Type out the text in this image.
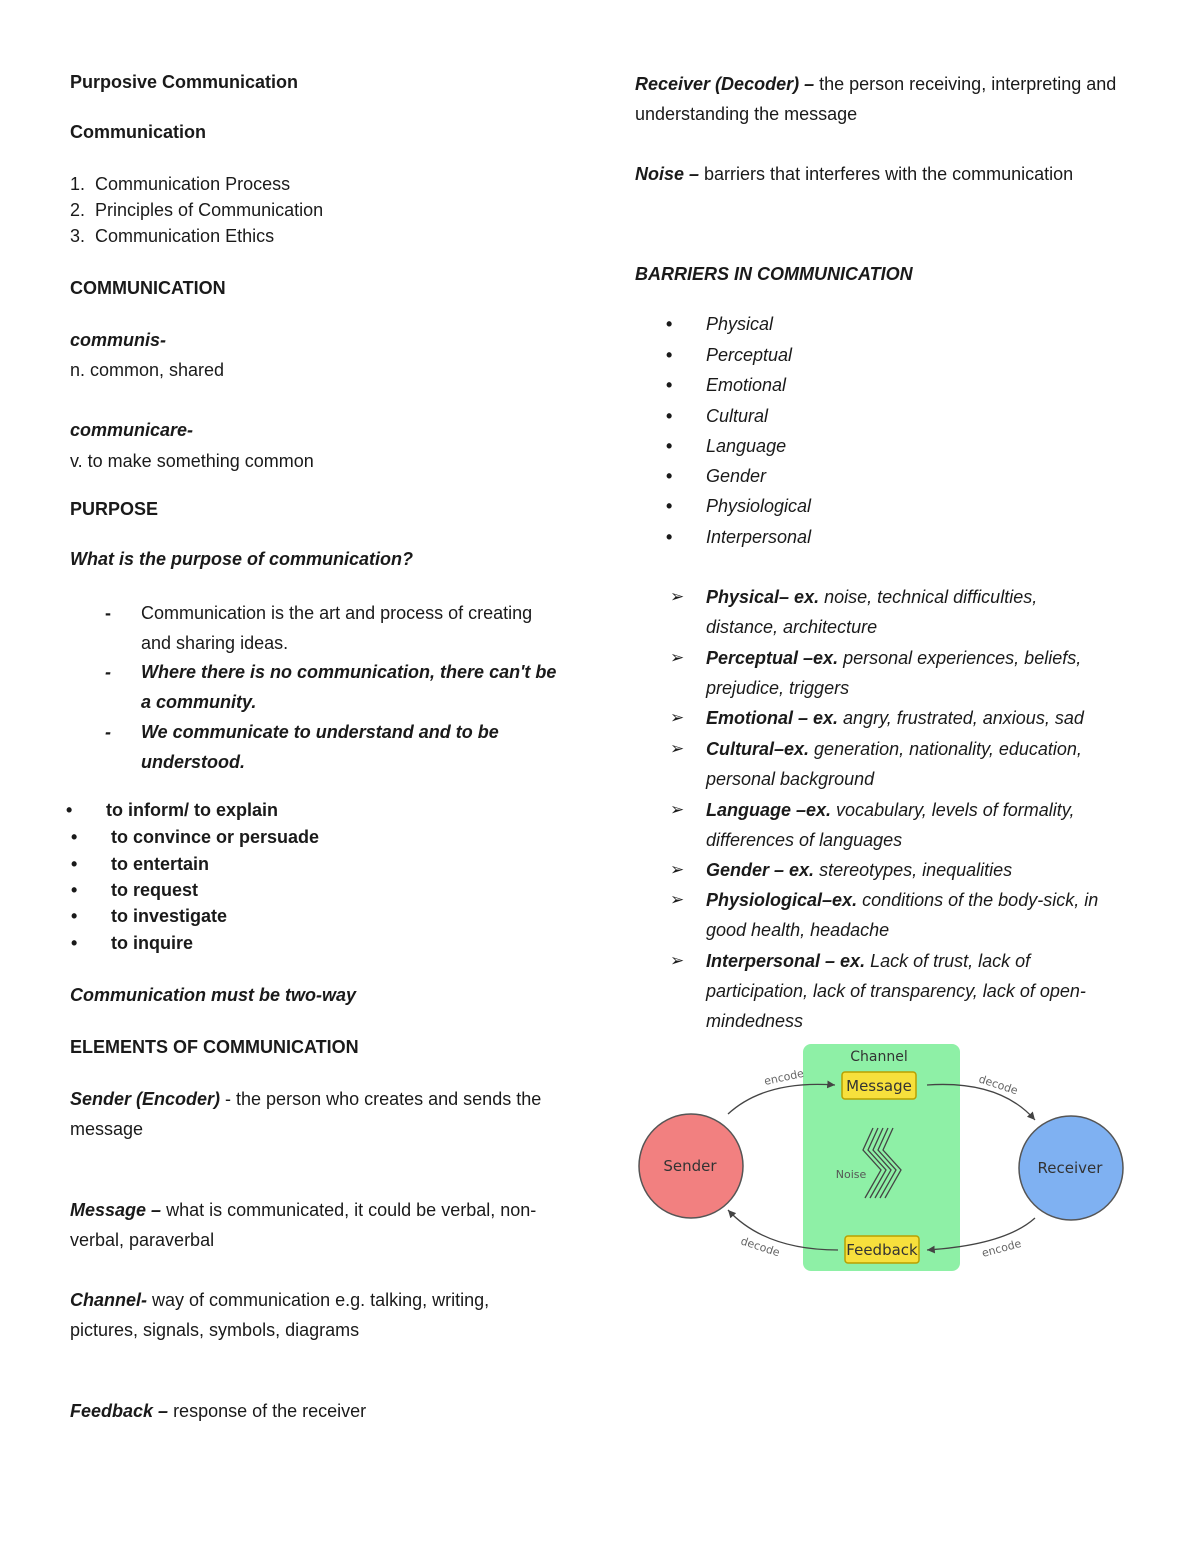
Purposive Communication

Communication

1. Communication Process

2. Principles of Communication

3. Communication Ethics

COMMUNICATION

communis-

n. common, shared

communicare-

v. to make something common

PURPOSE

What is the purpose of communication?

- Communication is the art and process of creating and sharing ideas.

- Where there is no communication, there can't be a community.

- We communicate to understand and to be understood.

• to inform/ to explain

• to convince or persuade

• to entertain

• to request

• to investigate

• to inquire

Communication must be two-way

ELEMENTS OF COMMUNICATION

Sender (Encoder) - the person who creates and sends the message

Message – what is communicated, it could be verbal, non-verbal, paraverbal

Channel- way of communication e.g. talking, writing, pictures, signals, symbols, diagrams

Feedback – response of the receiver

Receiver (Decoder) – the person receiving, interpreting and understanding the message

Noise – barriers that interferes with the communication

BARRIERS IN COMMUNICATION

• Physical

• Perceptual

• Emotional

• Cultural

• Language

• Gender

• Physiological

• Interpersonal

➢ Physical– ex. noise, technical difficulties, distance, architecture

➢ Perceptual –ex. personal experiences, beliefs, prejudice, triggers

➢ Emotional – ex. angry, frustrated, anxious, sad

➢ Cultural–ex. generation, nationality, education, personal background

➢ Language –ex. vocabulary, levels of formality, differences of languages

➢ Gender – ex. stereotypes, inequalities

➢ Physiological–ex. conditions of the body-sick, in good health, headache

➢ Interpersonal – ex. Lack of trust, lack of participation, lack of transparency, lack of open-mindedness

Channel
Message
Feedback
Noise
Sender	Receiver
encode	decode
encode
decode
